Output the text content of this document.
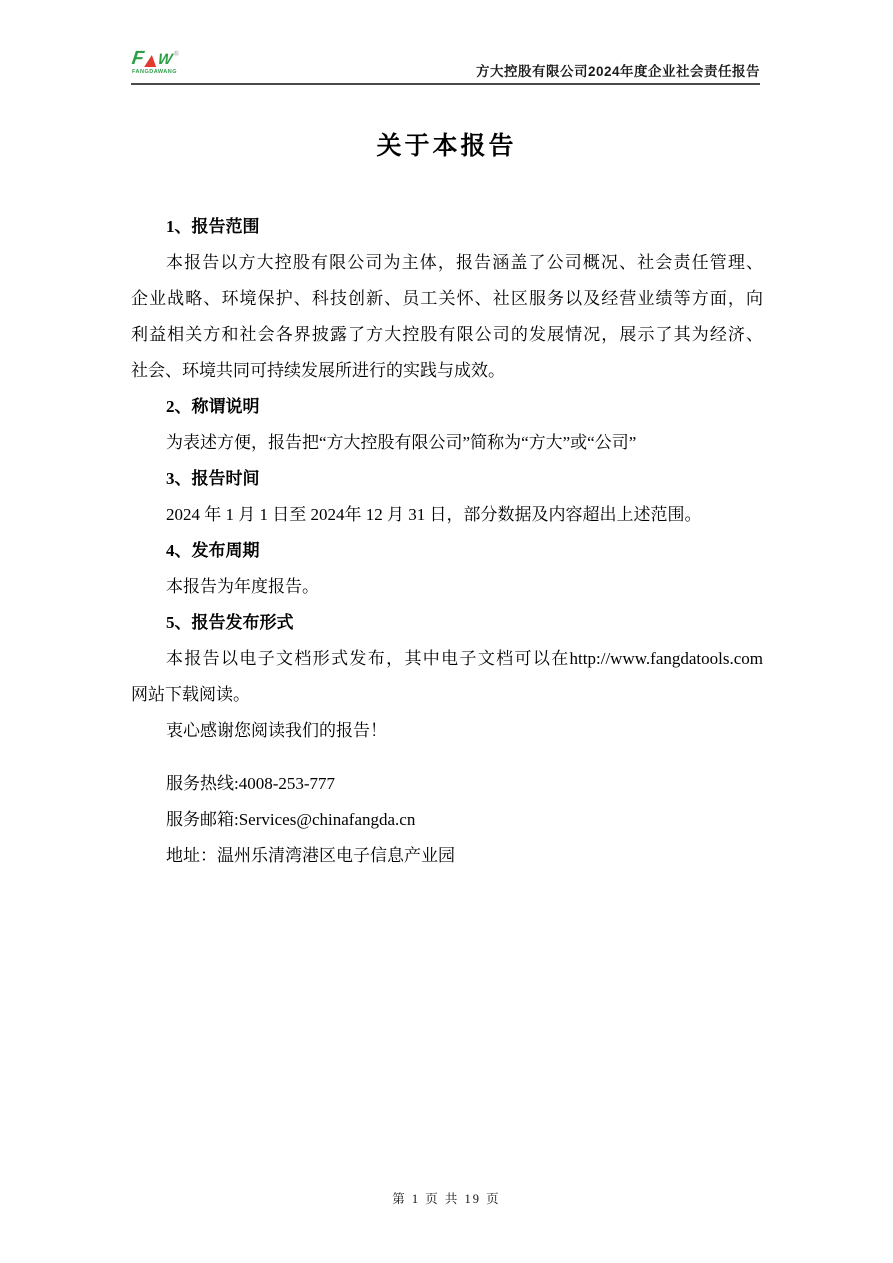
F W ®
FANGDAWANG	方大控股有限公司2024年度企业社会责任报告
关于本报告
1、报告范围
本报告以方大控股有限公司为主体，报告涵盖了公司概况、社会责任管理、
企业战略、环境保护、科技创新、员工关怀、社区服务以及经营业绩等方面，向
利益相关方和社会各界披露了方大控股有限公司的发展情况，展示了其为经济、
社会、环境共同可持续发展所进行的实践与成效。
2、称谓说明
为表述方便，报告把“方大控股有限公司”简称为“方大”或“公司”
3、报告时间
2024 年 1 月 1 日至 2024年 12 月 31 日，部分数据及内容超出上述范围。
4、发布周期
本报告为年度报告。
5、报告发布形式
本报告以电子文档形式发布，其中电子文档可以在http://www.fangdatools.com
网站下载阅读。
衷心感谢您阅读我们的报告！
服务热线:4008-253-777
服务邮箱:Services@chinafangda.cn
地址：温州乐清湾港区电子信息产业园
第 1 页 共 19 页
